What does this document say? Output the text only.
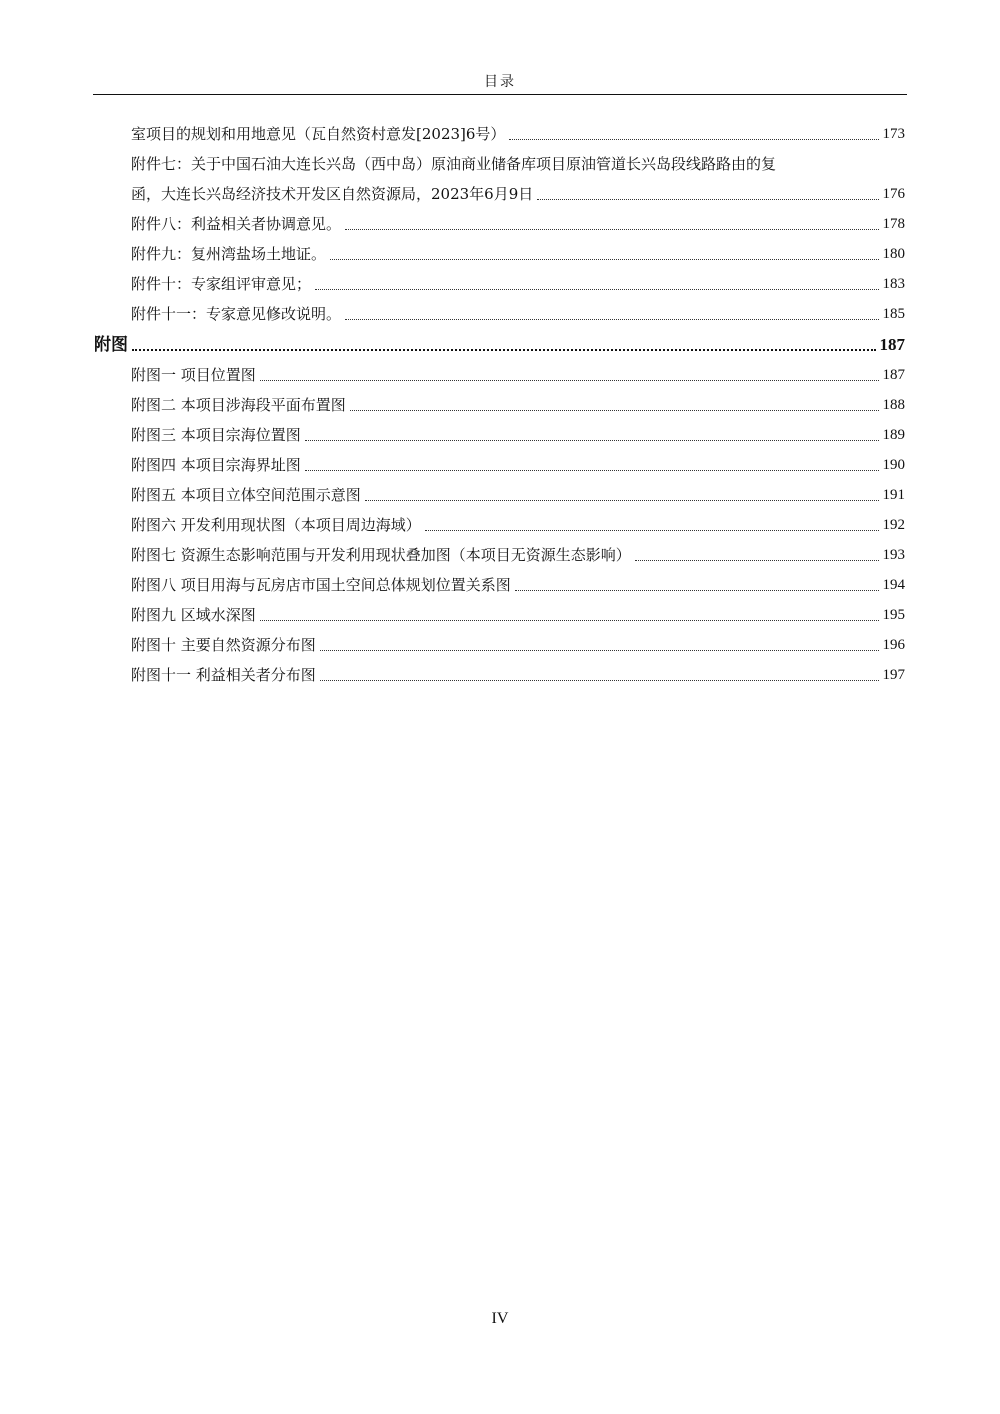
目录
室项目的规划和用地意见（瓦自然资村意发[2023]6号）	173
附件七：关于中国石油大连长兴岛（西中岛）原油商业储备库项目原油管道长兴岛段线路路由的复
函，大连长兴岛经济技术开发区自然资源局，2023年6月9日	176
附件八：利益相关者协调意见。	178
附件九：复州湾盐场土地证。	180
附件十：专家组评审意见；	183
附件十一：专家意见修改说明。	185
附图	187
附图一 项目位置图	187
附图二 本项目涉海段平面布置图	188
附图三 本项目宗海位置图	189
附图四 本项目宗海界址图	190
附图五 本项目立体空间范围示意图	191
附图六 开发利用现状图（本项目周边海域）	192
附图七 资源生态影响范围与开发利用现状叠加图（本项目无资源生态影响）	193
附图八 项目用海与瓦房店市国土空间总体规划位置关系图	194
附图九 区域水深图	195
附图十 主要自然资源分布图	196
附图十一 利益相关者分布图	197
IV
